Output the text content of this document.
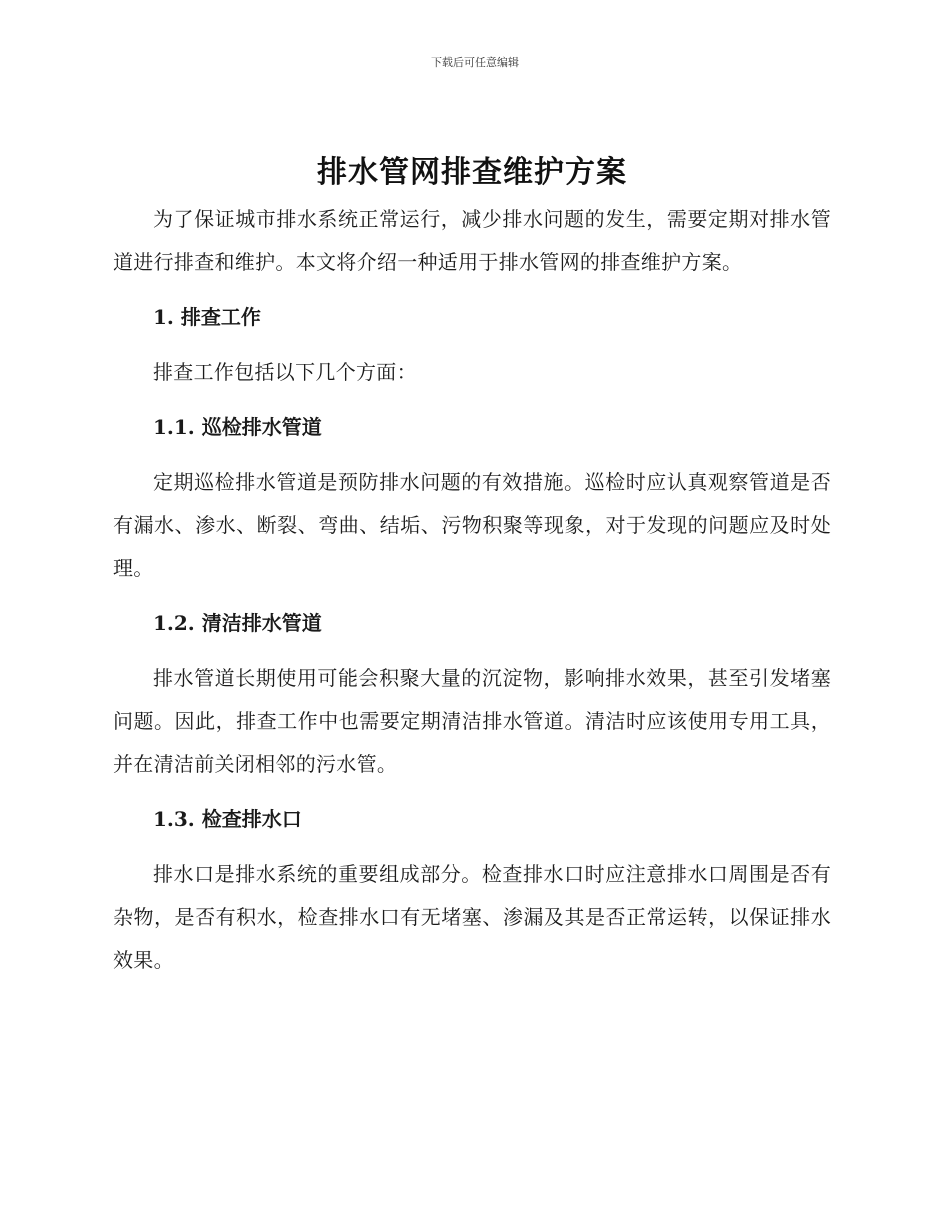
下载后可任意编辑
排水管网排查维护方案

为了保证城市排水系统正常运行，减少排水问题的发生，需要定期对排水管道进行排查和维护。本文将介绍一种适用于排水管网的排查维护方案。

1. 排查工作

排查工作包括以下几个方面：

1.1. 巡检排水管道

定期巡检排水管道是预防排水问题的有效措施。巡检时应认真观察管道是否有漏水、渗水、断裂、弯曲、结垢、污物积聚等现象，对于发现的问题应及时处理。

1.2. 清洁排水管道

排水管道长期使用可能会积聚大量的沉淀物，影响排水效果，甚至引发堵塞问题。因此，排查工作中也需要定期清洁排水管道。清洁时应该使用专用工具，并在清洁前关闭相邻的污水管。

1.3. 检查排水口

排水口是排水系统的重要组成部分。检查排水口时应注意排水口周围是否有杂物，是否有积水，检查排水口有无堵塞、渗漏及其是否正常运转，以保证排水效果。
